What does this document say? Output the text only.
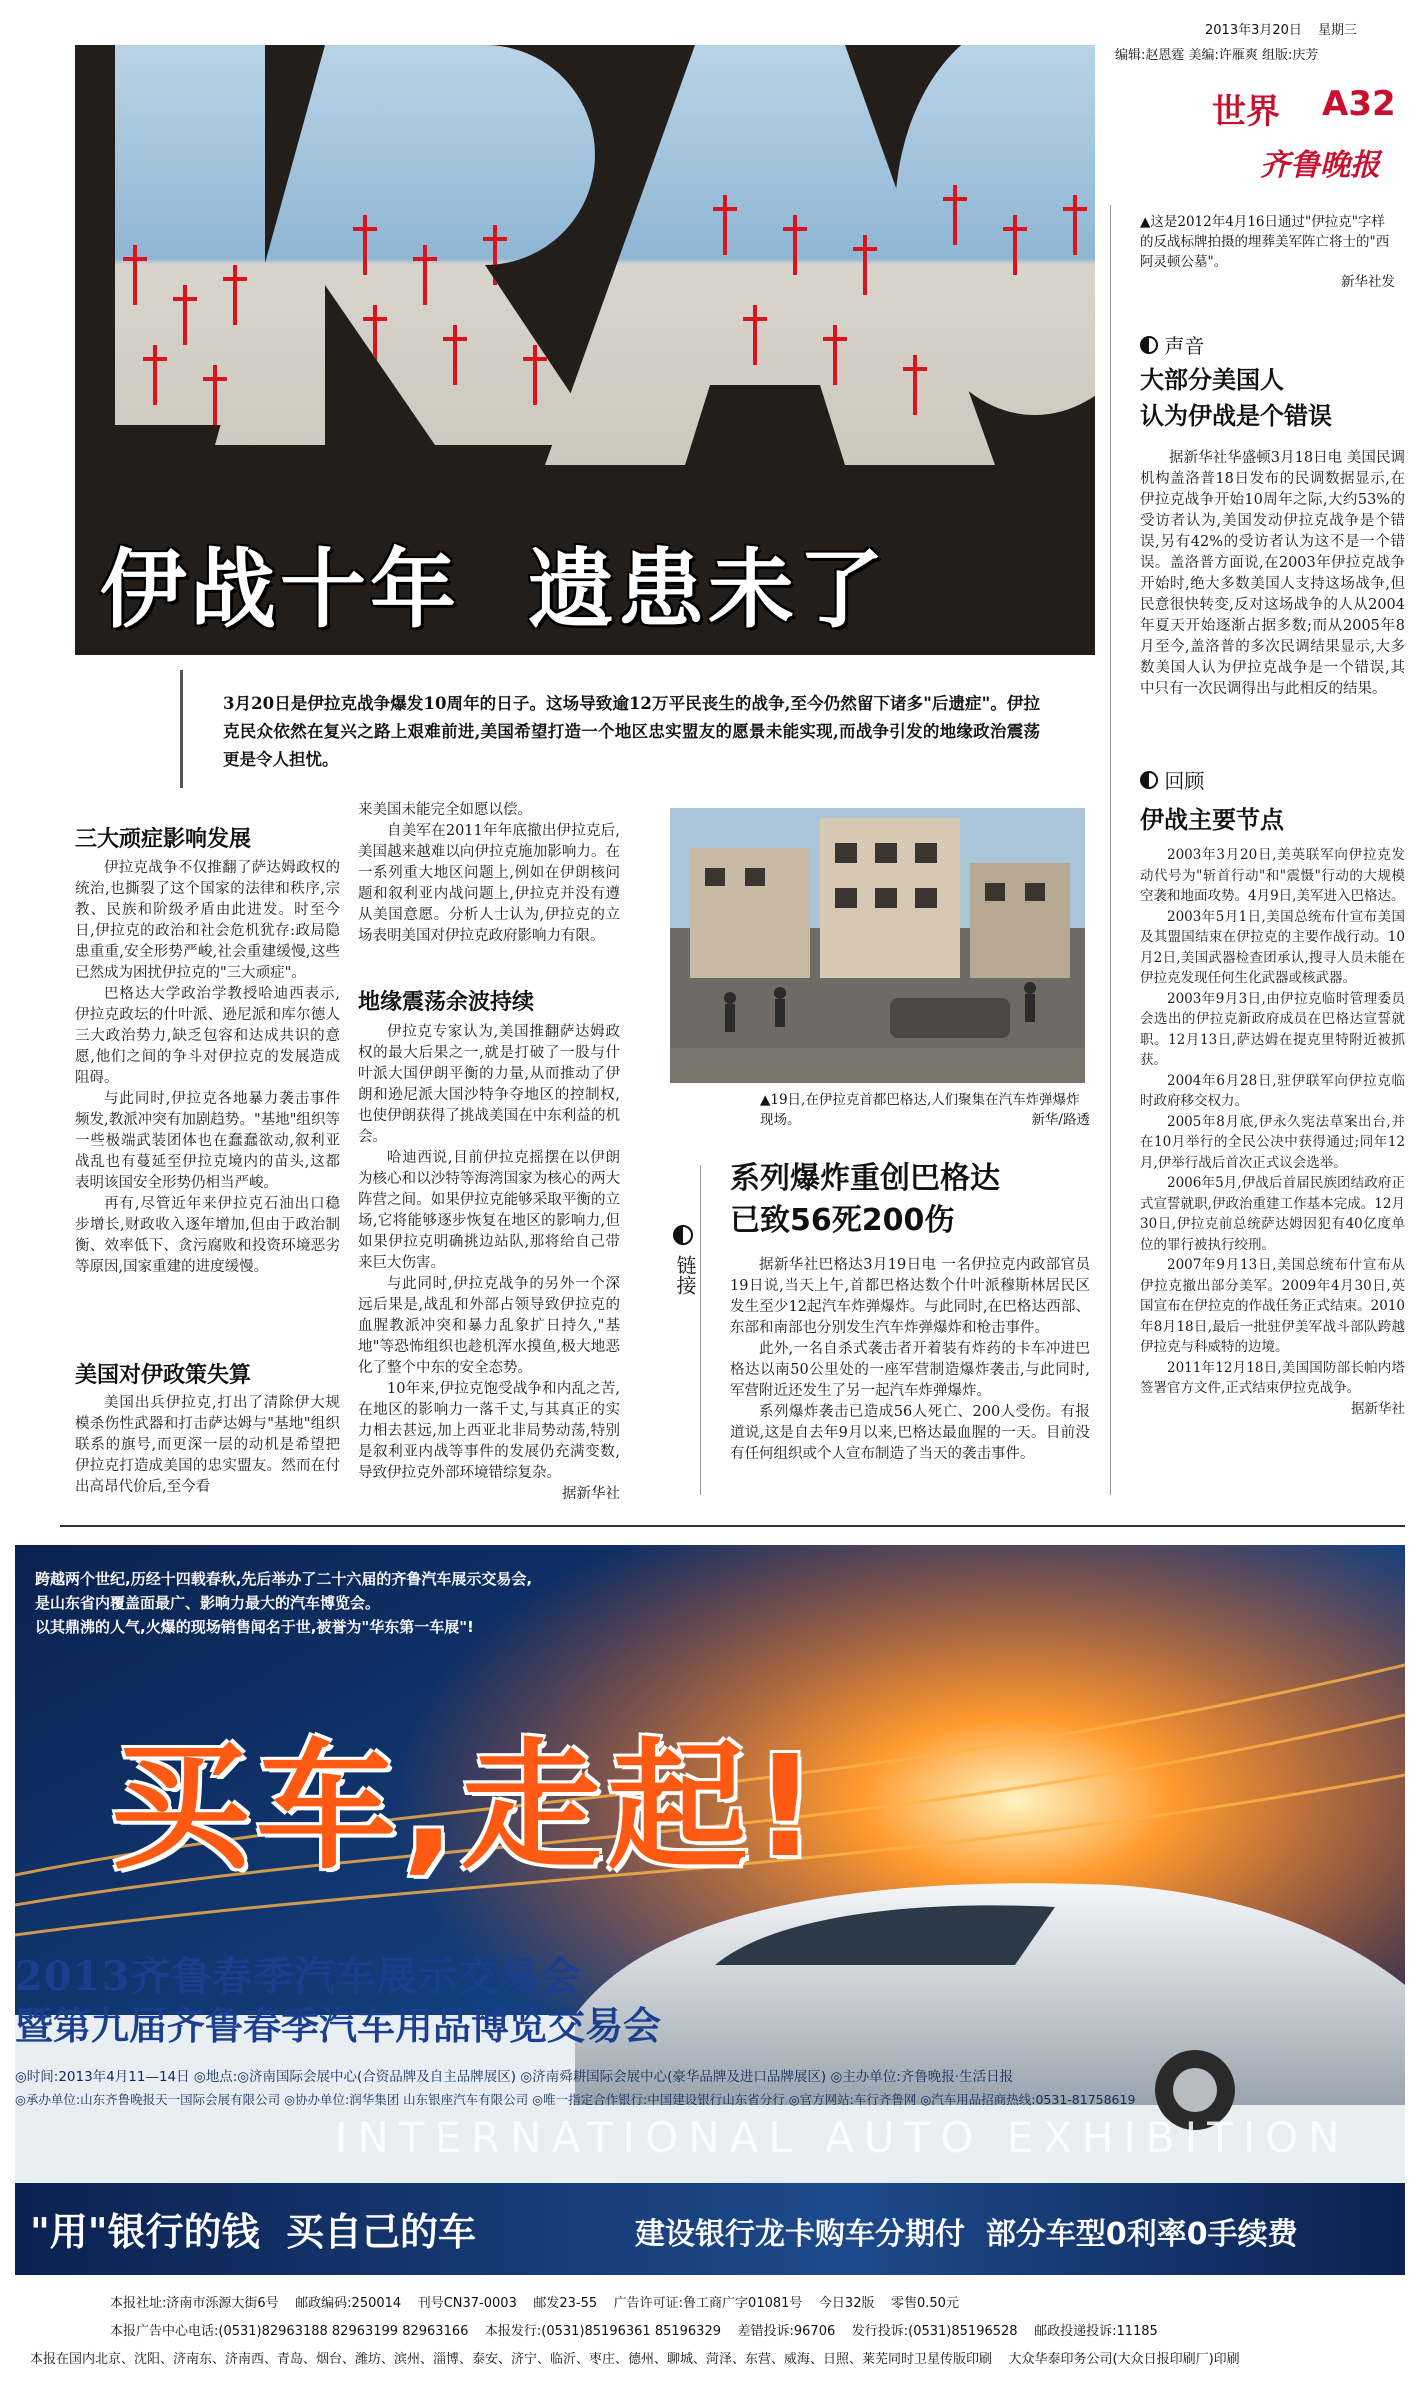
2013年3月20日 星期三
编辑:赵恩霆 美编:许雁爽 组版:庆芳
世界 A32
齐鲁晚报
伊战十年  遗患未了
▲这是2012年4月16日通过"伊拉克"字样的反战标牌拍摄的埋葬美军阵亡将士的"西阿灵顿公墓"。
新华社发
3月20日是伊拉克战争爆发10周年的日子。这场导致逾12万平民丧生的战争,至今仍然留下诸多"后遗症"。伊拉克民众依然在复兴之路上艰难前进,美国希望打造一个地区忠实盟友的愿景未能实现,而战争引发的地缘政治震荡更是令人担忧。
三大顽症影响发展

伊拉克战争不仅推翻了萨达姆政权的统治,也撕裂了这个国家的法律和秩序,宗教、民族和阶级矛盾由此进发。时至今日,伊拉克的政治和社会危机犹存:政局隐患重重,安全形势严峻,社会重建缓慢,这些已然成为困扰伊拉克的"三大顽症"。

巴格达大学政治学教授哈迪西表示,伊拉克政坛的什叶派、逊尼派和库尔德人三大政治势力,缺乏包容和达成共识的意愿,他们之间的争斗对伊拉克的发展造成阻碍。

与此同时,伊拉克各地暴力袭击事件频发,教派冲突有加剧趋势。"基地"组织等一些极端武装团体也在蠢蠢欲动,叙利亚战乱也有蔓延至伊拉克境内的苗头,这都表明该国安全形势仍相当严峻。

再有,尽管近年来伊拉克石油出口稳步增长,财政收入逐年增加,但由于政治制衡、效率低下、贪污腐败和投资环境恶劣等原因,国家重建的进度缓慢。

美国对伊政策失算

美国出兵伊拉克,打出了清除伊大规模杀伤性武器和打击萨达姆与"基地"组织联系的旗号,而更深一层的动机是希望把伊拉克打造成美国的忠实盟友。然而在付出高昂代价后,至今看

来美国未能完全如愿以偿。

自美军在2011年年底撤出伊拉克后,美国越来越难以向伊拉克施加影响力。在一系列重大地区问题上,例如在伊朗核问题和叙利亚内战问题上,伊拉克并没有遵从美国意愿。分析人士认为,伊拉克的立场表明美国对伊拉克政府影响力有限。

地缘震荡余波持续

伊拉克专家认为,美国推翻萨达姆政权的最大后果之一,就是打破了一股与什叶派大国伊朗平衡的力量,从而推动了伊朗和逊尼派大国沙特争夺地区的控制权,也使伊朗获得了挑战美国在中东利益的机会。

哈迪西说,目前伊拉克摇摆在以伊朗为核心和以沙特等海湾国家为核心的两大阵营之间。如果伊拉克能够采取平衡的立场,它将能够逐步恢复在地区的影响力,但如果伊拉克明确挑边站队,那将给自己带来巨大伤害。

与此同时,伊拉克战争的另外一个深远后果是,战乱和外部占领导致伊拉克的血腥教派冲突和暴力乱象扩日持久,"基地"等恐怖组织也趁机浑水摸鱼,极大地恶化了整个中东的安全态势。

10年来,伊拉克饱受战争和内乱之苦,在地区的影响力一落千丈,与其真正的实力相去甚远,加上西亚北非局势动荡,特别是叙利亚内战等事件的发展仍充满变数,导致伊拉克外部环境错综复杂。

据新华社
▲19日,在伊拉克首都巴格达,人们聚集在汽车炸弹爆炸现场。	新华/路透
链接
系列爆炸重创巴格达
已致56死200伤

据新华社巴格达3月19日电 一名伊拉克内政部官员19日说,当天上午,首都巴格达数个什叶派穆斯林居民区发生至少12起汽车炸弹爆炸。与此同时,在巴格达西部、东部和南部也分别发生汽车炸弹爆炸和枪击事件。

此外,一名自杀式袭击者开着装有炸药的卡车冲进巴格达以南50公里处的一座军营制造爆炸袭击,与此同时,军营附近还发生了另一起汽车炸弹爆炸。

系列爆炸袭击已造成56人死亡、200人受伤。有报道说,这是自去年9月以来,巴格达最血腥的一天。目前没有任何组织或个人宣布制造了当天的袭击事件。

声音
大部分美国人
认为伊战是个错误

据新华社华盛顿3月18日电 美国民调机构盖洛普18日发布的民调数据显示,在伊拉克战争开始10周年之际,大约53%的受访者认为,美国发动伊拉克战争是个错误,另有42%的受访者认为这不是一个错误。盖洛普方面说,在2003年伊拉克战争开始时,绝大多数美国人支持这场战争,但民意很快转变,反对这场战争的人从2004年夏天开始逐渐占据多数;而从2005年8月至今,盖洛普的多次民调结果显示,大多数美国人认为伊拉克战争是一个错误,其中只有一次民调得出与此相反的结果。

回顾
伊战主要节点

2003年3月20日,美英联军向伊拉克发动代号为"斩首行动"和"震慑"行动的大规模空袭和地面攻势。4月9日,美军进入巴格达。

2003年5月1日,美国总统布什宣布美国及其盟国结束在伊拉克的主要作战行动。10月2日,美国武器检查团承认,搜寻人员未能在伊拉克发现任何生化武器或核武器。

2003年9月3日,由伊拉克临时管理委员会选出的伊拉克新政府成员在巴格达宣誓就职。12月13日,萨达姆在提克里特附近被抓获。

2004年6月28日,驻伊联军向伊拉克临时政府移交权力。

2005年8月底,伊永久宪法草案出台,并在10月举行的全民公决中获得通过;同年12月,伊举行战后首次正式议会选举。

2006年5月,伊战后首届民族团结政府正式宣誓就职,伊政治重建工作基本完成。12月30日,伊拉克前总统萨达姆因犯有40亿度单位的罪行被执行绞刑。

2007年9月13日,美国总统布什宣布从伊拉克撤出部分美军。2009年4月30日,英国宣布在伊拉克的作战任务正式结束。2010年8月18日,最后一批驻伊美军战斗部队跨越伊拉克与科威特的边境。

2011年12月18日,美国国防部长帕内塔签署官方文件,正式结束伊拉克战争。

据新华社
跨越两个世纪,历经十四载春秋,先后举办了二十六届的齐鲁汽车展示交易会,
是山东省内覆盖面最广、影响力最大的汽车博览会。
以其鼎沸的人气,火爆的现场销售闻名于世,被誉为"华东第一车展"!
买车,走起!
2013齐鲁春季汽车展示交易会
暨第九届齐鲁春季汽车用品博览交易会
◎时间:2013年4月11—14日 ◎地点:◎济南国际会展中心(合资品牌及自主品牌展区) ◎济南舜耕国际会展中心(豪华品牌及进口品牌展区) ◎主办单位:齐鲁晚报·生活日报
◎承办单位:山东齐鲁晚报天一国际会展有限公司 ◎协办单位:润华集团 山东银座汽车有限公司 ◎唯一指定合作银行:中国建设银行山东省分行 ◎官方网站:车行齐鲁网 ◎汽车用品招商热线:0531-81758619
INTERNATIONAL AUTO EXHIBITION
"用"银行的钱  买自己的车	建设银行龙卡购车分期付  部分车型0利率0手续费
本报社址:济南市泺源大街6号    邮政编码:250014    刊号CN37-0003    邮发23-55    广告许可证:鲁工商广字01081号    今日32版    零售0.50元
本报广告中心电话:(0531)82963188 82963199 82963166    本报发行:(0531)85196361 85196329    差错投诉:96706    发行投诉:(0531)85196528    邮政投递投诉:11185
本报在国内北京、沈阳、济南东、济南西、青岛、烟台、潍坊、滨州、淄博、泰安、济宁、临沂、枣庄、德州、聊城、菏泽、东营、威海、日照、莱芜同时卫星传版印刷    大众华泰印务公司(大众日报印刷厂)印刷
